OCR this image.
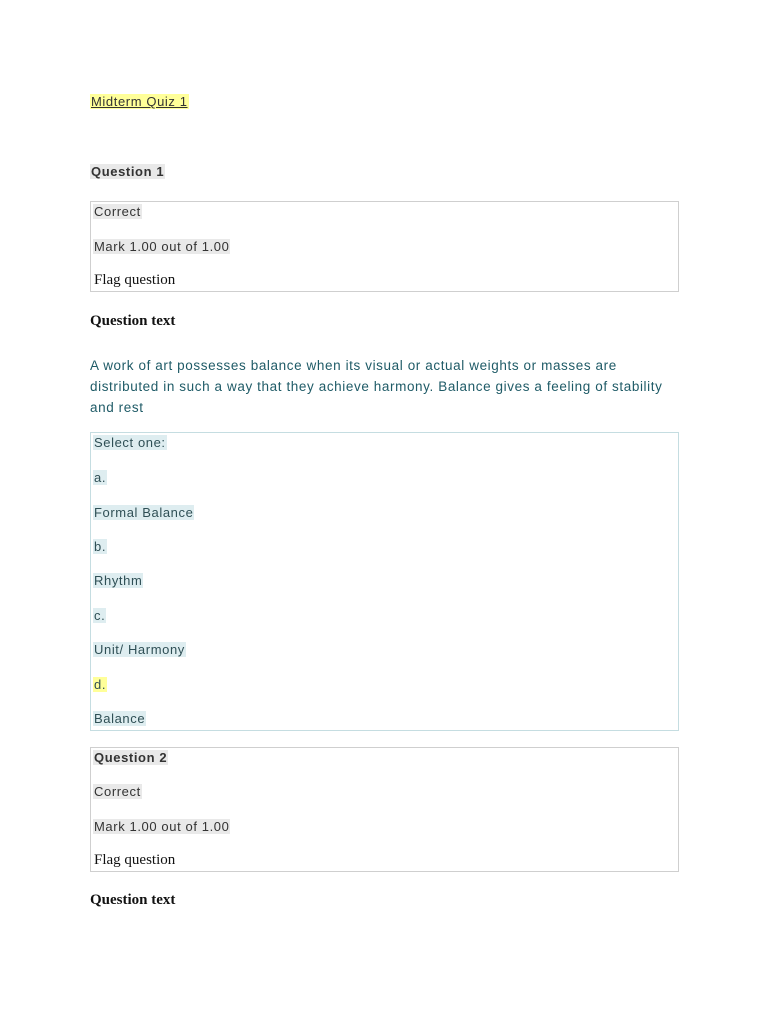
Midterm Quiz 1
Question 1
Correct
Mark 1.00 out of 1.00
Flag question
Question text
A work of art possesses balance when its visual or actual weights or masses are distributed in such a way that they achieve harmony. Balance gives a feeling of stability and rest
Select one:
a.
Formal Balance
b.
Rhythm
c.
Unit/ Harmony
d.
Balance
Question 2
Correct
Mark 1.00 out of 1.00
Flag question
Question text
